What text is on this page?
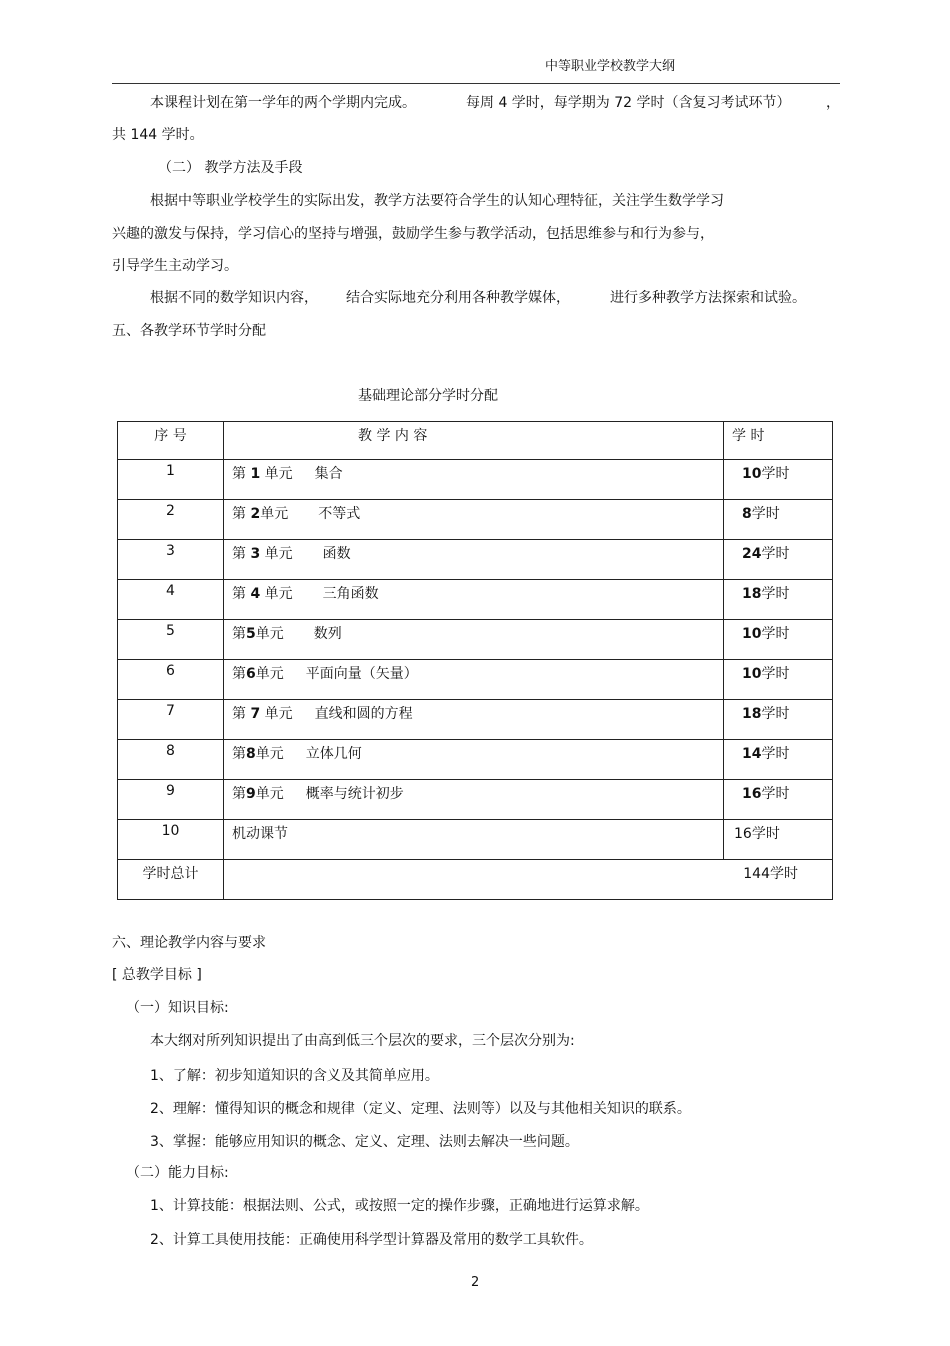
中等职业学校教学大纲
本课程计划在第一学年的两个学期内完成。	每周 4 学时，每学期为 72 学时（含复习考试环节）	，
共 144 学时。
（二） 教学方法及手段
根据中等职业学校学生的实际出发，教学方法要符合学生的认知心理特征，关注学生数学学习
兴趣的激发与保持，学习信心的坚持与增强，鼓励学生参与教学活动，包括思维参与和行为参与，
引导学生主动学习。
根据不同的数学知识内容， 结合实际地充分利用各种教学媒体，	进行多种教学方法探索和试验。
五、各教学环节学时分配
基础理论部分学时分配
序 号	教 学 内 容	学 时
1	第 1 单元 集合	10学时
2	第 2单元 不等式	8学时
3	第 3 单元 函数	24学时
4	第 4 单元 三角函数	18学时
5	第5单元 数列	10学时
6	第6单元 平面向量（矢量）	10学时
7	第 7 单元 直线和圆的方程	18学时
8	第8单元 立体几何	14学时
9	第9单元 概率与统计初步	16学时
10	机动课节	16学时
学时总计	144学时	
六、理论教学内容与要求
[ 总教学目标 ]
（一）知识目标:
本大纲对所列知识提出了由高到低三个层次的要求，三个层次分别为:
1、了解：初步知道知识的含义及其简单应用。
2、理解：懂得知识的概念和规律（定义、定理、法则等）以及与其他相关知识的联系。
3、掌握：能够应用知识的概念、定义、定理、法则去解决一些问题。
（二）能力目标:
1、计算技能：根据法则、公式，或按照一定的操作步骤，正确地进行运算求解。
2、计算工具使用技能：正确使用科学型计算器及常用的数学工具软件。
2
